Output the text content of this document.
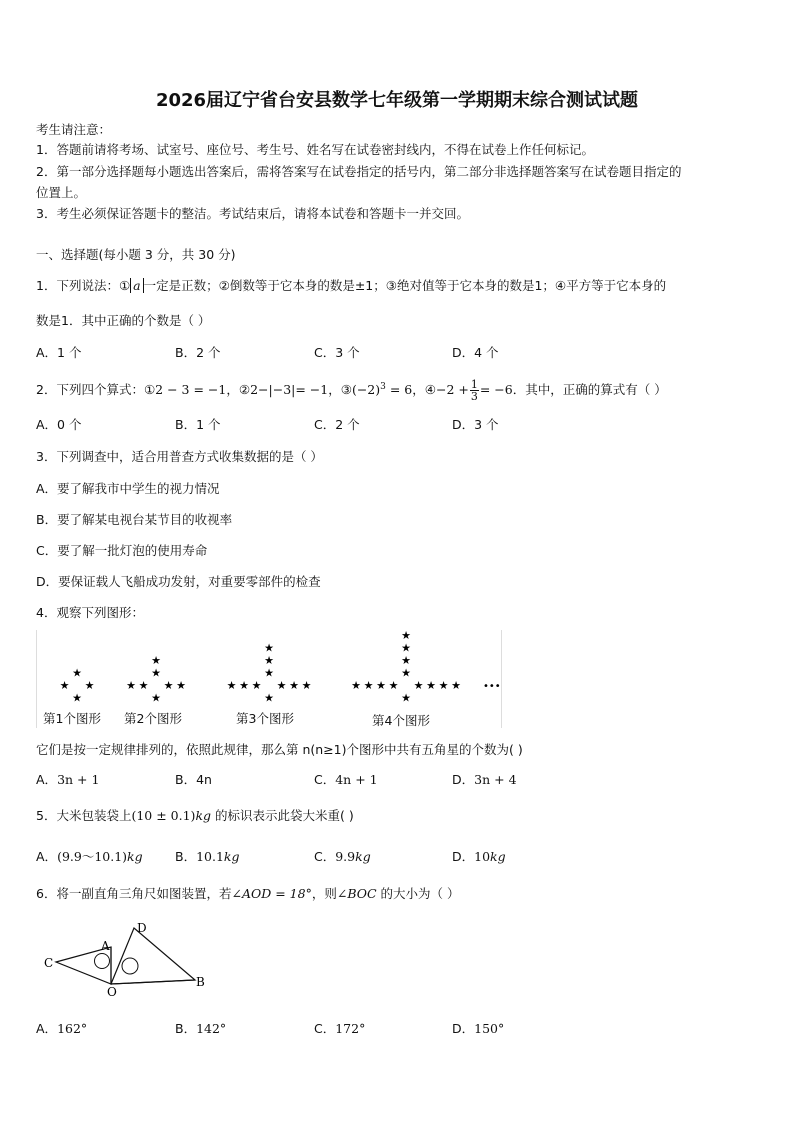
2026届辽宁省台安县数学七年级第一学期期末综合测试试题
考生请注意：
1．答题前请将考场、试室号、座位号、考生号、姓名写在试卷密封线内，不得在试卷上作任何标记。
2．第一部分选择题每小题选出答案后，需将答案写在试卷指定的括号内，第二部分非选择题答案写在试卷题目指定的
位置上。
3．考生必须保证答题卡的整洁。考试结束后，请将本试卷和答题卡一并交回。
一、选择题(每小题 3 分，共 30 分)
1．下列说法：① a 一定是正数；②倒数等于它本身的数是±1；③绝对值等于它本身的数是1；④平方等于它本身的
数是1．其中正确的个数是（ ）
A．1 个	B．2 个	C．3 个	D．4 个
2．下列四个算式：①2 − 3 = −1，②2−|−3|= −1，$③(-2)^3 = 6$，④−2 + $\frac{1}{3} = -6$．其中，正确的算式有（ ）
A．0 个	B．1 个	C．2 个	D．3 个
3．下列调查中，适合用普查方式收集数据的是（ ）
A．要了解我市中学生的视力情况
B．要了解某电视台某节目的收视率
C．要了解一批灯泡的使用寿命
D．要保证载人飞船成功发射，对重要零部件的检查
4．观察下列图形：
★
★
★ ★
★
★
★
★ ★
★	★
★
★
★
★
★ ★
★	★
★	★
★
★
★
★
★
★ ★
★	★
★	★
★	★ •••
第1个图形 第2个图形	第3个图形	第4个图形
它们是按一定规律排列的，依照此规律，那么第 n(n≥1)个图形中共有五角星的个数为( )
A．3n + 1	B．4n	C．4n + 1	D．3n + 4
5．大米包装袋上(10 ± 0.1)kg 的标识表示此袋大米重( )
A．(9.9～10.1)kg	B．10.1kg	C．9.9kg	D．10kg
6．将一副直角三角尺如图装置，若∠AOD = 18°，则∠BOC 的大小为（ ）
A
D
C
O
B
A．162°	B．142°	C．172°	D．150°
